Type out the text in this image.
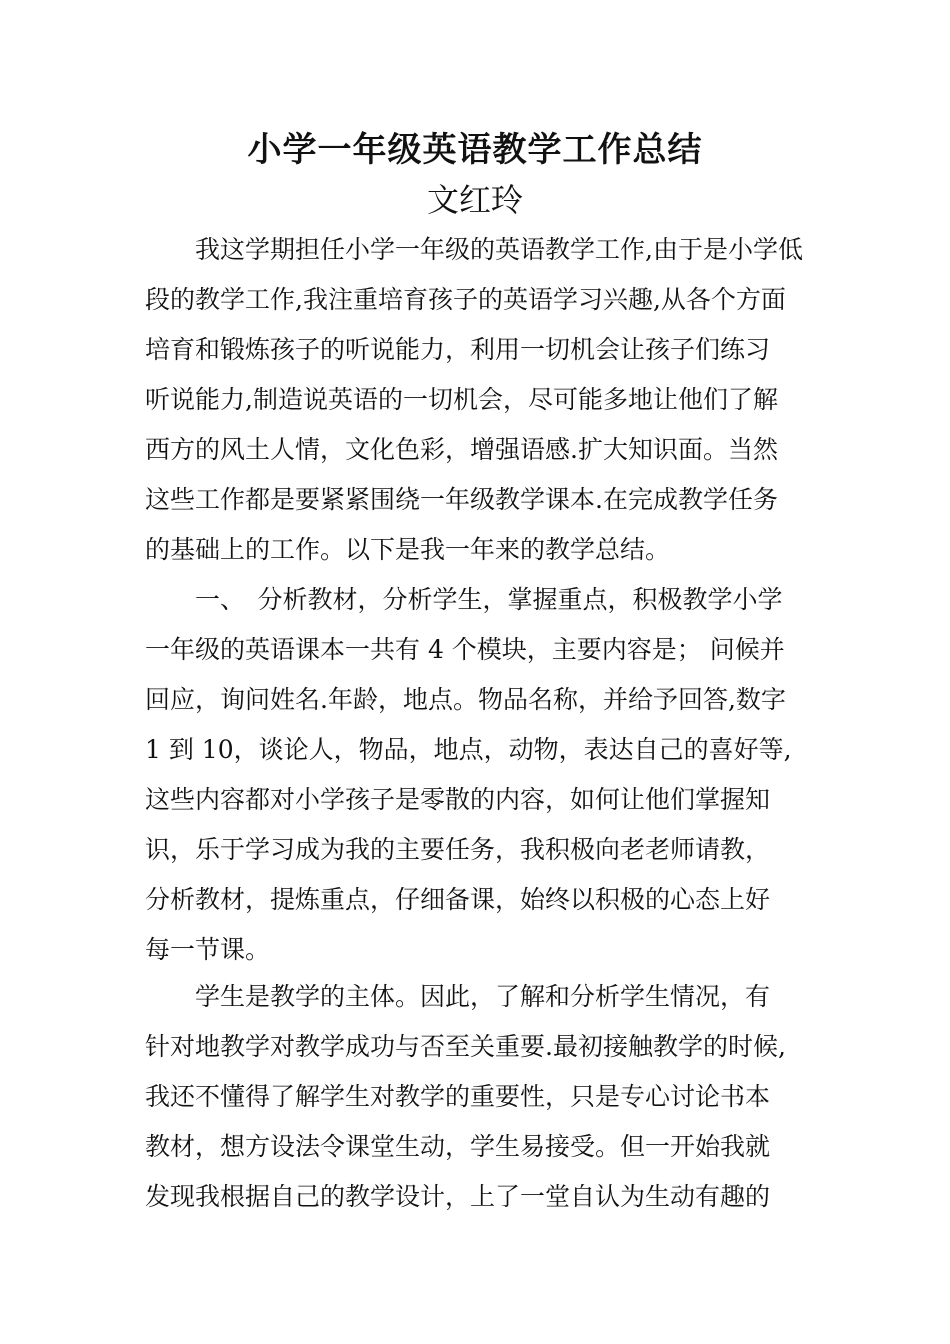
小学一年级英语教学工作总结
文红玲
　　我这学期担任小学一年级的英语教学工作,由于是小学低
段的教学工作,我注重培育孩子的英语学习兴趣,从各个方面
培育和锻炼孩子的听说能力，利用一切机会让孩子们练习
听说能力,制造说英语的一切机会，尽可能多地让他们了解
西方的风土人情，文化色彩，增强语感.扩大知识面。当然
这些工作都是要紧紧围绕一年级教学课本.在完成教学任务
的基础上的工作。以下是我一年来的教学总结。
　　一、　分析教材，分析学生，掌握重点，积极教学小学
一年级的英语课本一共有 4 个模块，主要内容是； 问候并
回应，询问姓名.年龄，地点。物品名称，并给予回答,数字
1 到 10，谈论人，物品，地点，动物，表达自己的喜好等,
这些内容都对小学孩子是零散的内容，如何让他们掌握知
识，乐于学习成为我的主要任务，我积极向老老师请教，
分析教材，提炼重点，仔细备课，始终以积极的心态上好
每一节课。
　　学生是教学的主体。因此，了解和分析学生情况，有
针对地教学对教学成功与否至关重要.最初接触教学的时候,
我还不懂得了解学生对教学的重要性，只是专心讨论书本
教材，想方设法令课堂生动，学生易接受。但一开始我就
发现我根据自己的教学设计，上了一堂自认为生动有趣的
